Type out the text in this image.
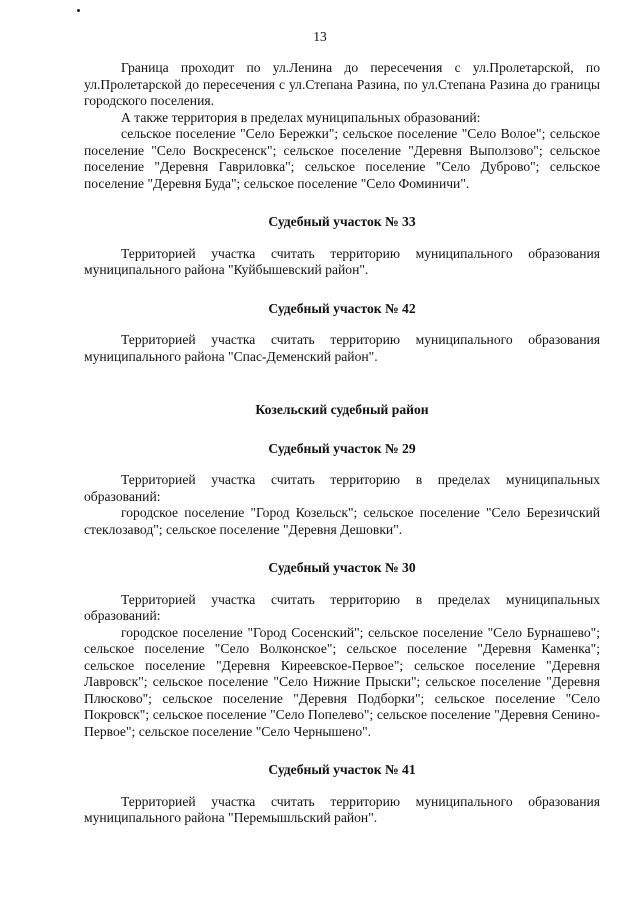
13

Граница проходит по ул.Ленина до пересечения с ул.Пролетарской, по ул.Пролетарской до пересечения с ул.Степана Разина, по ул.Степана Разина до границы городского поселения.

А также территория в пределах муниципальных образований:

сельское поселение "Село Бережки"; сельское поселение "Село Волое"; сельское поселение "Село Воскресенск"; сельское поселение "Деревня Выползово"; сельское поселение "Деревня Гавриловка"; сельское поселение "Село Дуброво"; сельское поселение "Деревня Буда"; сельское поселение "Село Фоминичи".

Судебный участок № 33

Территорией участка считать территорию муниципального образования муниципального района "Куйбышевский район".

Судебный участок № 42

Территорией участка считать территорию муниципального образования муниципального района "Спас-Деменский район".

Козельский судебный район
Судебный участок № 29

Территорией участка считать территорию в пределах муниципальных образований:

городское поселение "Город Козельск"; сельское поселение "Село Березичский стеклозавод"; сельское поселение "Деревня Дешовки".

Судебный участок № 30

Территорией участка считать территорию в пределах муниципальных образований:

городское поселение "Город Сосенский"; сельское поселение "Село Бурнашево"; сельское поселение "Село Волконское"; сельское поселение "Деревня Каменка"; сельское поселение "Деревня Киреевское-Первое"; сельское поселение "Деревня Лавровск"; сельское поселение "Село Нижние Прыски"; сельское поселение "Деревня Плюсково"; сельское поселение "Деревня Подборки"; сельское поселение "Село Покровск"; сельское поселение "Село Попелево"; сельское поселение "Деревня Сенино-Первое"; сельское поселение "Село Чернышено".

Судебный участок № 41

Территорией участка считать территорию муниципального образования муниципального района "Перемышльский район".
